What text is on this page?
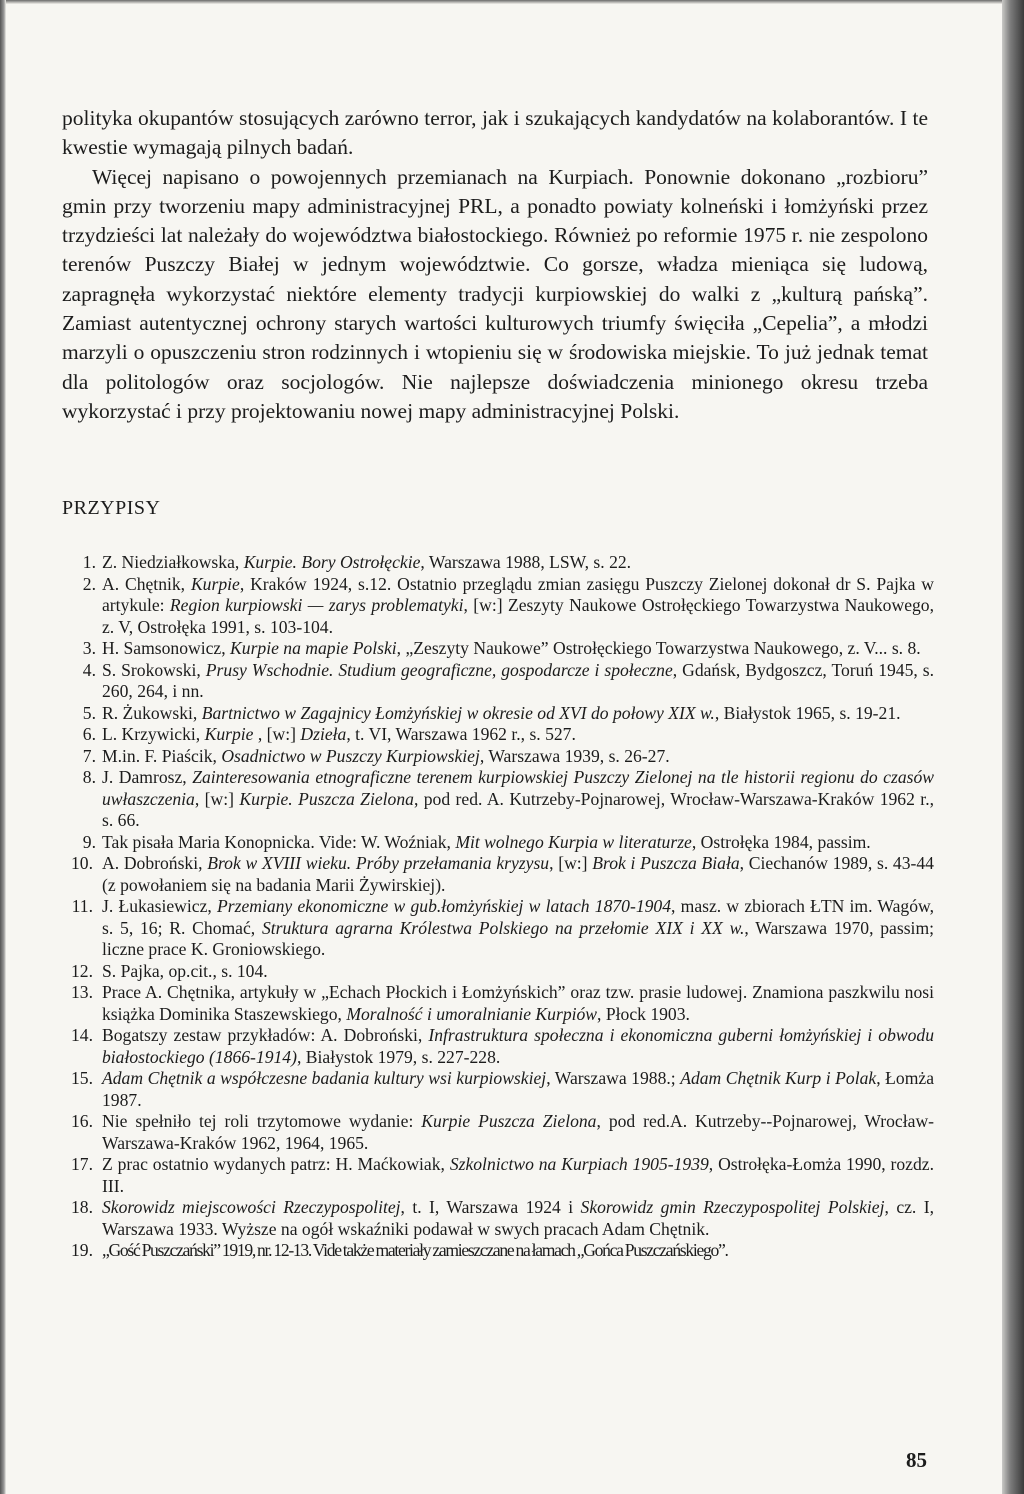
polityka okupantów stosujących zarówno terror, jak i szukających kandydatów na kolaborantów. I te kwestie wymagają pilnych badań.

Więcej napisano o powojennych przemianach na Kurpiach. Ponownie dokonano „rozbioru” gmin przy tworzeniu mapy administracyjnej PRL, a ponadto powiaty kolneński i łomżyński przez trzydzieści lat należały do województwa białostockiego. Również po reformie 1975 r. nie zespolono terenów Puszczy Białej w jednym województwie. Co gorsze, władza mieniąca się ludową, zapragnęła wykorzystać niektóre elementy tradycji kurpiowskiej do walki z „kulturą pańską”. Zamiast autentycznej ochrony starych wartości kulturowych triumfy święciła „Cepelia”, a młodzi marzyli o opuszczeniu stron rodzinnych i wtopieniu się w środowiska miejskie. To już jednak temat dla politologów oraz socjologów. Nie najlepsze doświadczenia minionego okresu trzeba wykorzystać i przy projektowaniu nowej mapy administracyjnej Polski.

PRZYPISY
1. Z. Niedziałkowska, Kurpie. Bory Ostrołęckie, Warszawa 1988, LSW, s. 22.
2. A. Chętnik, Kurpie, Kraków 1924, s.12. Ostatnio przeglądu zmian zasięgu Puszczy Zielonej dokonał dr S. Pajka w artykule: Region kurpiowski — zarys problematyki, [w:] Zeszyty Naukowe Ostrołęckiego Towarzystwa Naukowego, z. V, Ostrołęka 1991, s. 103-104.
3. H. Samsonowicz, Kurpie na mapie Polski, „Zeszyty Naukowe” Ostrołęckiego Towarzystwa Naukowego, z. V... s. 8.
4. S. Srokowski, Prusy Wschodnie. Studium geograficzne, gospodarcze i społeczne, Gdańsk, Bydgoszcz, Toruń 1945, s. 260, 264, i nn.
5. R. Żukowski, Bartnictwo w Zagajnicy Łomżyńskiej w okresie od XVI do połowy XIX w., Białystok 1965, s. 19-21.
6. L. Krzywicki, Kurpie , [w:] Dzieła, t. VI, Warszawa 1962 r., s. 527.
7. M.in. F. Piaścik, Osadnictwo w Puszczy Kurpiowskiej, Warszawa 1939, s. 26-27.
8. J. Damrosz, Zainteresowania etnograficzne terenem kurpiowskiej Puszczy Zielonej na tle historii regionu do czasów uwłaszczenia, [w:] Kurpie. Puszcza Zielona, pod red. A. Kutrzeby-Pojnarowej, Wrocław-Warszawa-Kraków 1962 r., s. 66.
9. Tak pisała Maria Konopnicka. Vide: W. Woźniak, Mit wolnego Kurpia w literaturze, Ostrołęka 1984, passim.
10. A. Dobroński, Brok w XVIII wieku. Próby przełamania kryzysu, [w:] Brok i Puszcza Biała, Ciechanów 1989, s. 43-44 (z powołaniem się na badania Marii Żywirskiej).
11. J. Łukasiewicz, Przemiany ekonomiczne w gub.łomżyńskiej w latach 1870-1904, masz. w zbiorach ŁTN im. Wagów, s. 5, 16; R. Chomać, Struktura agrarna Królestwa Polskiego na przełomie XIX i XX w., Warszawa 1970, passim; liczne prace K. Groniowskiego.
12. S. Pajka, op.cit., s. 104.
13. Prace A. Chętnika, artykuły w „Echach Płockich i Łomżyńskich” oraz tzw. prasie ludowej. Znamiona paszkwilu nosi książka Dominika Staszewskiego, Moralność i umoralnianie Kurpiów, Płock 1903.
14. Bogatszy zestaw przykładów: A. Dobroński, Infrastruktura społeczna i ekonomiczna guberni łomżyńskiej i obwodu białostockiego (1866-1914), Białystok 1979, s. 227-228.
15. Adam Chętnik a współczesne badania kultury wsi kurpiowskiej, Warszawa 1988.; Adam Chętnik Kurp i Polak, Łomża 1987.
16. Nie spełniło tej roli trzytomowe wydanie: Kurpie Puszcza Zielona, pod red.A. Kutrzeby--Pojnarowej, Wrocław-Warszawa-Kraków 1962, 1964, 1965.
17. Z prac ostatnio wydanych patrz: H. Maćkowiak, Szkolnictwo na Kurpiach 1905-1939, Ostrołęka-Łomża 1990, rozdz. III.
18. Skorowidz miejscowości Rzeczypospolitej, t. I, Warszawa 1924 i Skorowidz gmin Rzeczypospolitej Polskiej, cz. I, Warszawa 1933. Wyższe na ogół wskaźniki podawał w swych pracach Adam Chętnik.
19. „Gość Puszczański” 1919, nr. 12-13. Vide także materiały zamieszczane na łamach „Gońca Puszczańskiego”.
85
